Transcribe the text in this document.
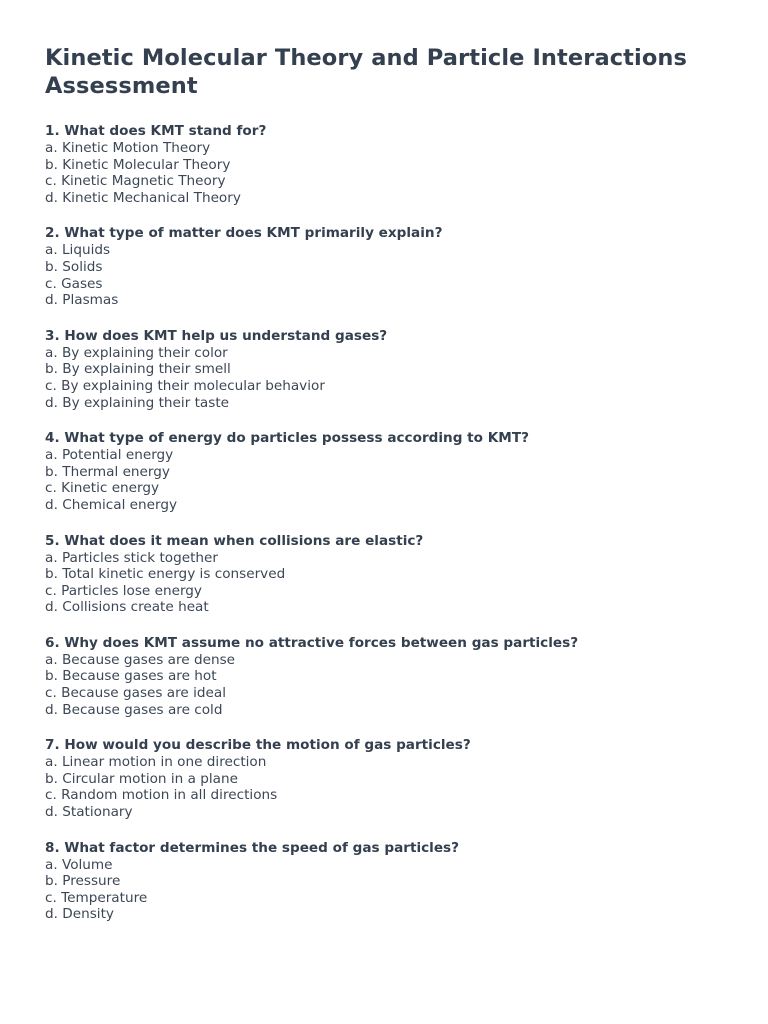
Kinetic Molecular Theory and Particle Interactions Assessment
1. What does KMT stand for?
a. Kinetic Motion Theory
b. Kinetic Molecular Theory
c. Kinetic Magnetic Theory
d. Kinetic Mechanical Theory
2. What type of matter does KMT primarily explain?
a. Liquids
b. Solids
c. Gases
d. Plasmas
3. How does KMT help us understand gases?
a. By explaining their color
b. By explaining their smell
c. By explaining their molecular behavior
d. By explaining their taste
4. What type of energy do particles possess according to KMT?
a. Potential energy
b. Thermal energy
c. Kinetic energy
d. Chemical energy
5. What does it mean when collisions are elastic?
a. Particles stick together
b. Total kinetic energy is conserved
c. Particles lose energy
d. Collisions create heat
6. Why does KMT assume no attractive forces between gas particles?
a. Because gases are dense
b. Because gases are hot
c. Because gases are ideal
d. Because gases are cold
7. How would you describe the motion of gas particles?
a. Linear motion in one direction
b. Circular motion in a plane
c. Random motion in all directions
d. Stationary
8. What factor determines the speed of gas particles?
a. Volume
b. Pressure
c. Temperature
d. Density
